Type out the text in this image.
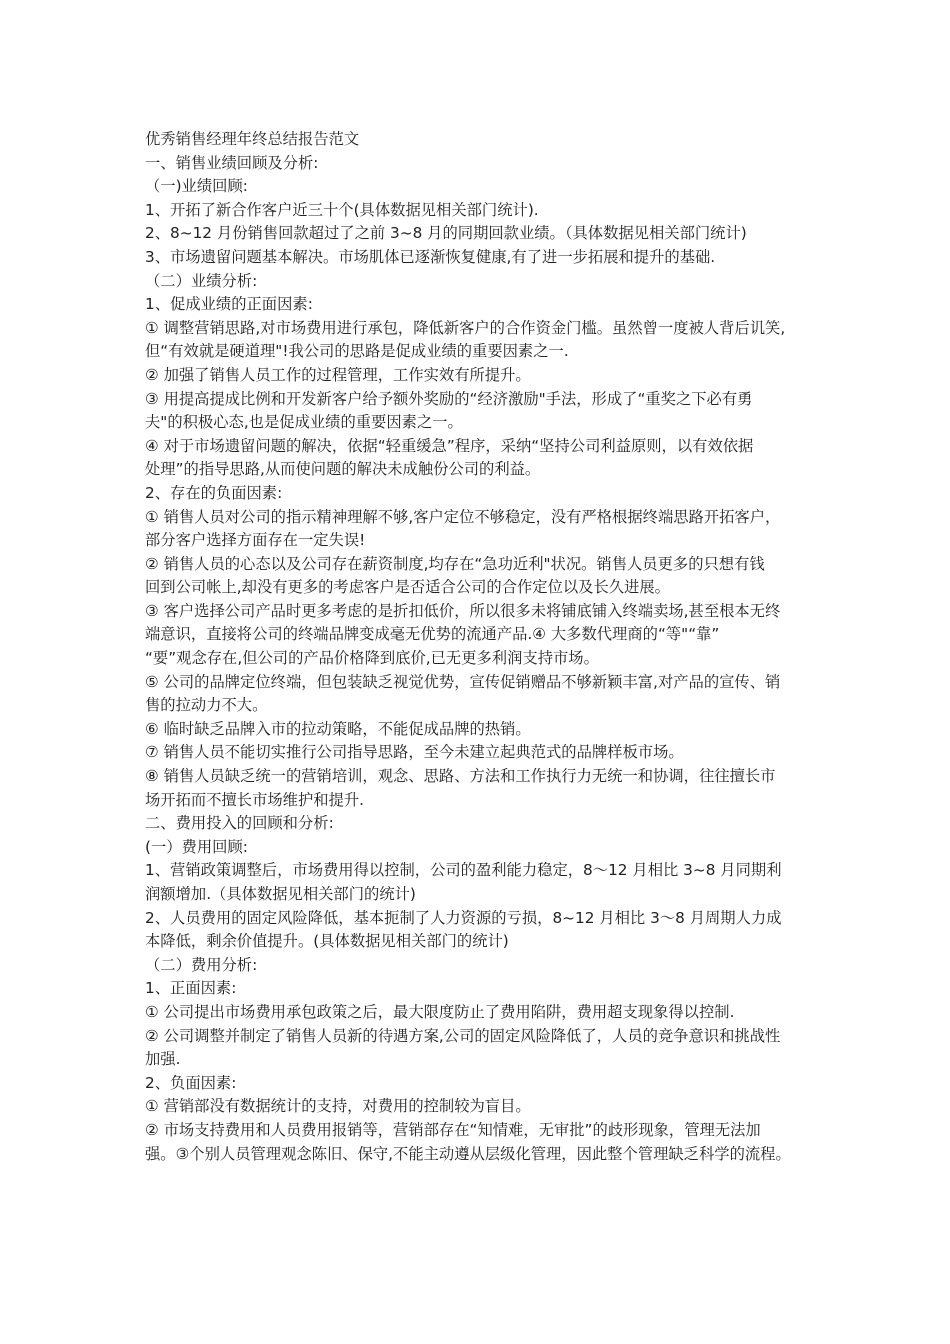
优秀销售经理年终总结报告范文
一、销售业绩回顾及分析:
（一)业绩回顾:
1、开拓了新合作客户近三十个(具体数据见相关部门统计).
2、8~12 月份销售回款超过了之前 3~8 月的同期回款业绩。（具体数据见相关部门统计)
3、市场遗留问题基本解决。市场肌体已逐渐恢复健康,有了进一步拓展和提升的基础.
（二）业绩分析:
1、促成业绩的正面因素:
① 调整营销思路,对市场费用进行承包，降低新客户的合作资金门槛。虽然曾一度被人背后讥笑,
但“有效就是硬道理"!我公司的思路是促成业绩的重要因素之一.
② 加强了销售人员工作的过程管理，工作实效有所提升。
③ 用提高提成比例和开发新客户给予额外奖励的“经济激励"手法，形成了“重奖之下必有勇
夫"的积极心态,也是促成业绩的重要因素之一。
④ 对于市场遗留问题的解决，依据“轻重缓急”程序，采纳“坚持公司利益原则，以有效依据
处理”的指导思路,从而使问题的解决未成触份公司的利益。
2、存在的负面因素:
① 销售人员对公司的指示精神理解不够,客户定位不够稳定，没有严格根据终端思路开拓客户，
部分客户选择方面存在一定失误!
② 销售人员的心态以及公司存在薪资制度,均存在“急功近利"状况。销售人员更多的只想有钱
回到公司帐上,却没有更多的考虑客户是否适合公司的合作定位以及长久进展。
③ 客户选择公司产品时更多考虑的是折扣低价，所以很多未将铺底铺入终端卖场,甚至根本无终
端意识，直接将公司的终端品牌变成毫无优势的流通产品.④ 大多数代理商的“等"“靠”
“要”观念存在,但公司的产品价格降到底价,已无更多利润支持市场。
⑤ 公司的品牌定位终端，但包装缺乏视觉优势，宣传促销赠品不够新颖丰富,对产品的宣传、销
售的拉动力不大。
⑥ 临时缺乏品牌入市的拉动策略，不能促成品牌的热销。
⑦ 销售人员不能切实推行公司指导思路，至今未建立起典范式的品牌样板市场。
⑧ 销售人员缺乏统一的营销培训，观念、思路、方法和工作执行力无统一和协调，往往擅长市
场开拓而不擅长市场维护和提升.
二、费用投入的回顾和分析:
(一）费用回顾:
1、营销政策调整后，市场费用得以控制，公司的盈利能力稳定，8～12 月相比 3~8 月同期利
润额增加.（具体数据见相关部门的统计)
2、人员费用的固定风险降低，基本扼制了人力资源的亏损，8~12 月相比 3～8 月周期人力成
本降低，剩余价值提升。(具体数据见相关部门的统计)
（二）费用分析:
1、正面因素:
① 公司提出市场费用承包政策之后，最大限度防止了费用陷阱，费用超支现象得以控制.
② 公司调整并制定了销售人员新的待遇方案,公司的固定风险降低了，人员的竞争意识和挑战性
加强.
2、负面因素:
① 营销部没有数据统计的支持，对费用的控制较为盲目。
② 市场支持费用和人员费用报销等，营销部存在“知情难，无审批”的歧形现象，管理无法加
强。③个别人员管理观念陈旧、保守,不能主动遵从层级化管理，因此整个管理缺乏科学的流程。
